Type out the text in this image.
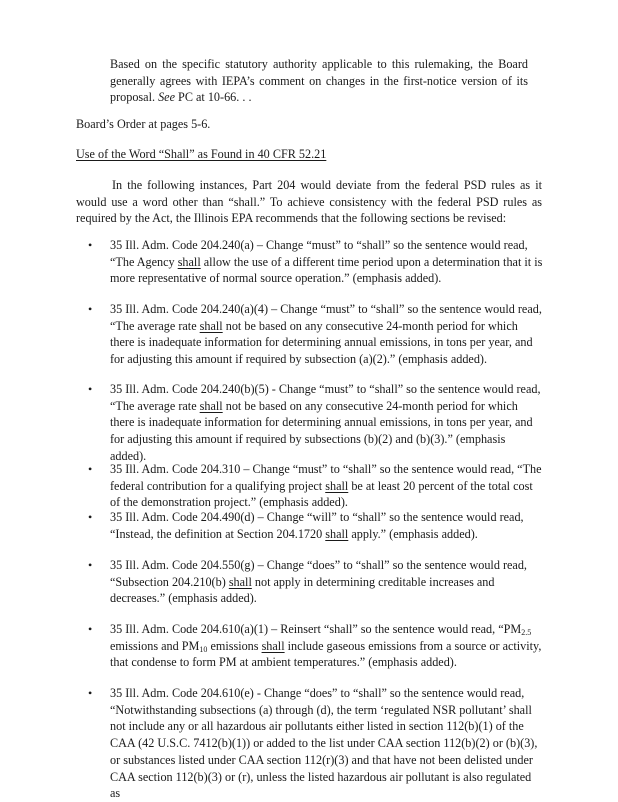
Based on the specific statutory authority applicable to this rulemaking, the Board generally agrees with IEPA’s comment on changes in the first-notice version of its proposal. See PC at 10-66. . .

Board’s Order at pages 5-6.

Use of the Word “Shall” as Found in 40 CFR 52.21

In the following instances, Part 204 would deviate from the federal PSD rules as it would use a word other than “shall.” To achieve consistency with the federal PSD rules as required by the Act, the Illinois EPA recommends that the following sections be revised:

• 35 Ill. Adm. Code 204.240(a) – Change “must” to “shall” so the sentence would read, “The Agency shall allow the use of a different time period upon a determination that it is more representative of normal source operation.” (emphasis added).
• 35 Ill. Adm. Code 204.240(a)(4) – Change “must” to “shall” so the sentence would read, “The average rate shall not be based on any consecutive 24-month period for which there is inadequate information for determining annual emissions, in tons per year, and for adjusting this amount if required by subsection (a)(2).” (emphasis added).
• 35 Ill. Adm. Code 204.240(b)(5) - Change “must” to “shall” so the sentence would read, “The average rate shall not be based on any consecutive 24-month period for which there is inadequate information for determining annual emissions, in tons per year, and for adjusting this amount if required by subsections (b)(2) and (b)(3).” (emphasis added).
• 35 Ill. Adm. Code 204.310 – Change “must” to “shall” so the sentence would read, “The federal contribution for a qualifying project shall be at least 20 percent of the total cost of the demonstration project.” (emphasis added).
• 35 Ill. Adm. Code 204.490(d) – Change “will” to “shall” so the sentence would read, “Instead, the definition at Section 204.1720 shall apply.” (emphasis added).
• 35 Ill. Adm. Code 204.550(g) – Change “does” to “shall” so the sentence would read, “Subsection 204.210(b) shall not apply in determining creditable increases and decreases.” (emphasis added).
• 35 Ill. Adm. Code 204.610(a)(1) – Reinsert “shall” so the sentence would read, “$PM_{2.5}$ emissions and $PM_{10}$ emissions shall include gaseous emissions from a source or activity, that condense to form PM at ambient temperatures.” (emphasis added).
• 35 Ill. Adm. Code 204.610(e) - Change “does” to “shall” so the sentence would read, “Notwithstanding subsections (a) through (d), the term ‘regulated NSR pollutant’ shall not include any or all hazardous air pollutants either listed in section 112(b)(1) of the CAA (42 U.S.C. 7412(b)(1)) or added to the list under CAA section 112(b)(2) or (b)(3), or substances listed under CAA section 112(r)(3) and that have not been delisted under CAA section 112(b)(3) or (r), unless the listed hazardous air pollutant is also regulated as
